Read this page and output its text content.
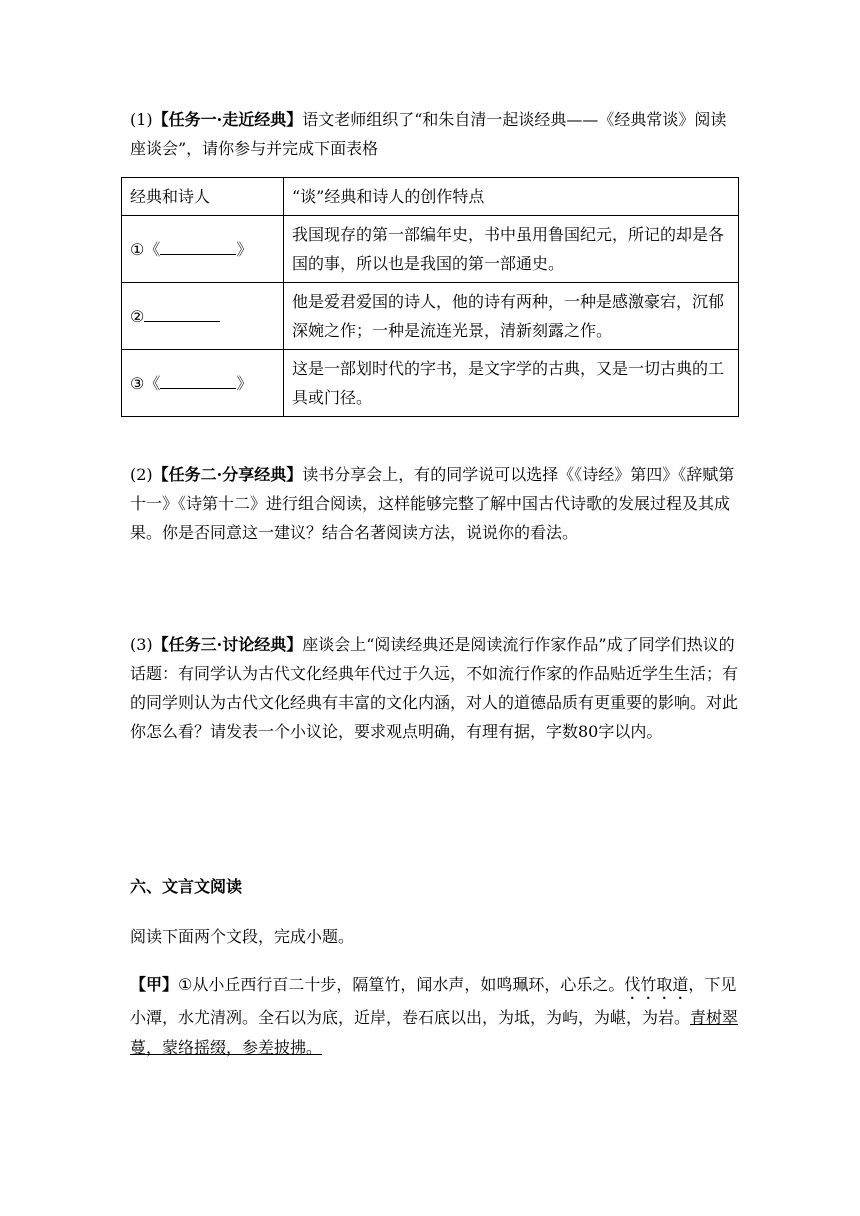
(1)【任务一·走近经典】语文老师组织了“和朱自清一起谈经典——《经典常谈》阅读座谈会”，请你参与并完成下面表格

经典和诗人	“谈”经典和诗人的创作特点
①《 》	我国现存的第一部编年史，书中虽用鲁国纪元，所记的却是各国的事，所以也是我国的第一部通史。
②	他是爱君爱国的诗人，他的诗有两种，一种是感激豪宕，沉郁深婉之作；一种是流连光景，清新刻露之作。
③《 》	这是一部划时代的字书，是文字学的古典，又是一切古典的工具或门径。

(2)【任务二·分享经典】读书分享会上，有的同学说可以选择《《诗经》第四》《辞赋第十一》《诗第十二》进行组合阅读，这样能够完整了解中国古代诗歌的发展过程及其成果。你是否同意这一建议？结合名著阅读方法，说说你的看法。

(3)【任务三·讨论经典】座谈会上“阅读经典还是阅读流行作家作品”成了同学们热议的话题：有同学认为古代文化经典年代过于久远，不如流行作家的作品贴近学生生活；有的同学则认为古代文化经典有丰富的文化内涵，对人的道德品质有更重要的影响。对此你怎么看？请发表一个小议论，要求观点明确，有理有据，字数80字以内。

六、文言文阅读

阅读下面两个文段，完成小题。

【甲】①从小丘西行百二十步，隔篁竹，闻水声，如鸣珮环，心乐之。伐竹取道，下见小潭，水尤清冽。全石以为底，近岸，卷石底以出，为坻，为屿，为嵁，为岩。青树翠蔓，蒙络摇缀，参差披拂。
